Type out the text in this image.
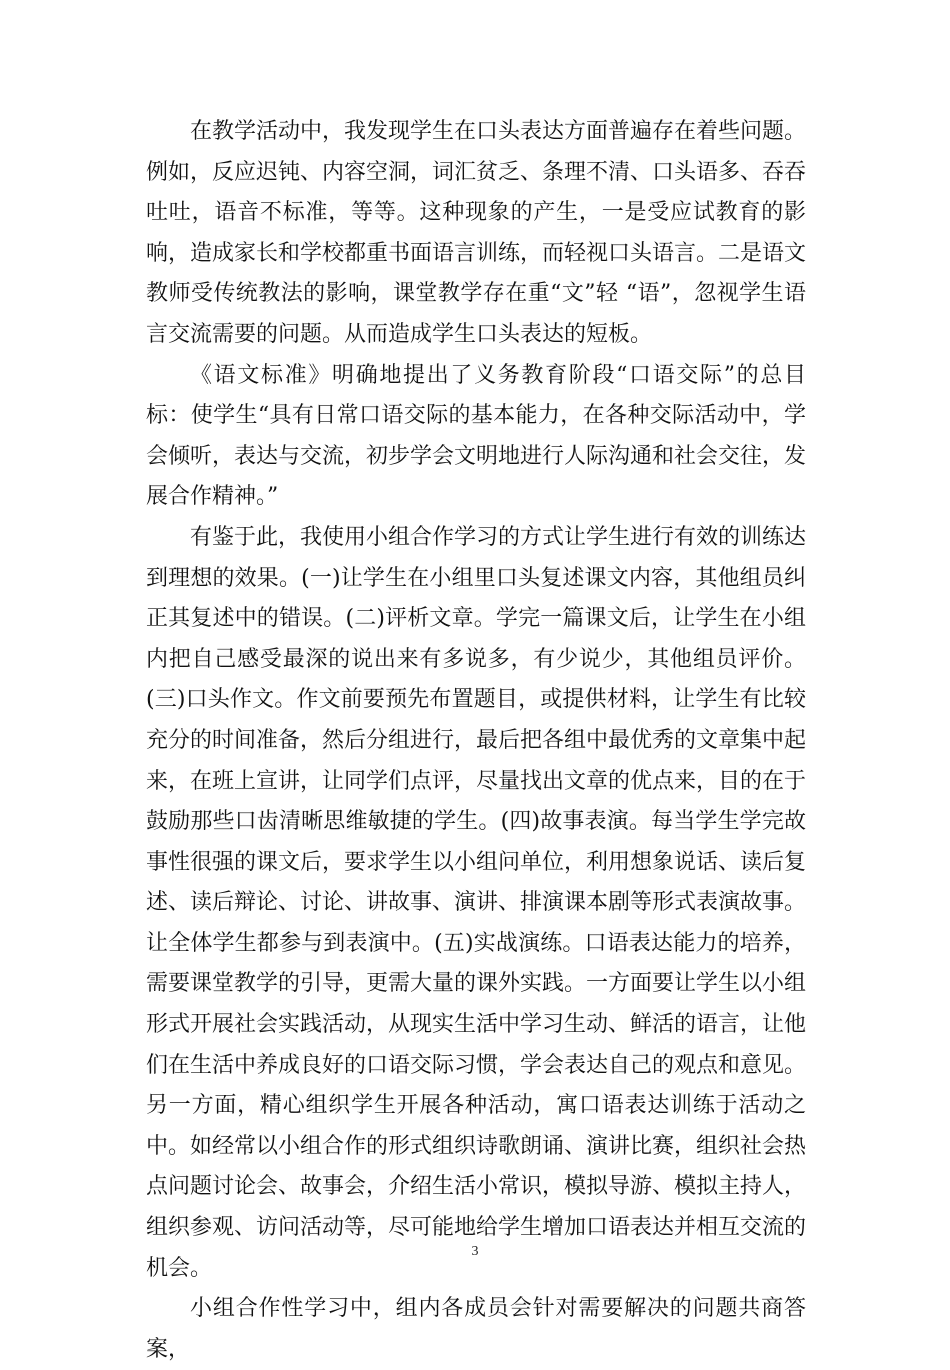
在教学活动中，我发现学生在口头表达方面普遍存在着些问题。例如，反应迟钝、内容空洞，词汇贫乏、条理不清、口头语多、吞吞吐吐，语音不标准，等等。这种现象的产生，一是受应试教育的影响，造成家长和学校都重书面语言训练，而轻视口头语言。二是语文教师受传统教法的影响，课堂教学存在重“文”轻 “语”，忽视学生语言交流需要的问题。从而造成学生口头表达的短板。

《语文标准》明确地提出了义务教育阶段“口语交际”的总目标：使学生“具有日常口语交际的基本能力，在各种交际活动中，学会倾听，表达与交流，初步学会文明地进行人际沟通和社会交往，发展合作精神。”

有鉴于此，我使用小组合作学习的方式让学生进行有效的训练达到理想的效果。(一)让学生在小组里口头复述课文内容，其他组员纠正其复述中的错误。(二)评析文章。学完一篇课文后，让学生在小组内把自己感受最深的说出来有多说多，有少说少，其他组员评价。(三)口头作文。作文前要预先布置题目，或提供材料，让学生有比较充分的时间准备，然后分组进行，最后把各组中最优秀的文章集中起来，在班上宣讲，让同学们点评，尽量找出文章的优点来，目的在于鼓励那些口齿清晰思维敏捷的学生。(四)故事表演。每当学生学完故事性很强的课文后，要求学生以小组问单位，利用想象说话、读后复述、读后辩论、讨论、讲故事、演讲、排演课本剧等形式表演故事。让全体学生都参与到表演中。(五)实战演练。口语表达能力的培养，需要课堂教学的引导，更需大量的课外实践。一方面要让学生以小组形式开展社会实践活动，从现实生活中学习生动、鲜活的语言，让他们在生活中养成良好的口语交际习惯，学会表达自己的观点和意见。另一方面，精心组织学生开展各种活动，寓口语表达训练于活动之中。如经常以小组合作的形式组织诗歌朗诵、演讲比赛，组织社会热点问题讨论会、故事会，介绍生活小常识，模拟导游、模拟主持人，组织参观、访问活动等，尽可能地给学生增加口语表达并相互交流的机会。

小组合作性学习中，组内各成员会针对需要解决的问题共商答案，

3
